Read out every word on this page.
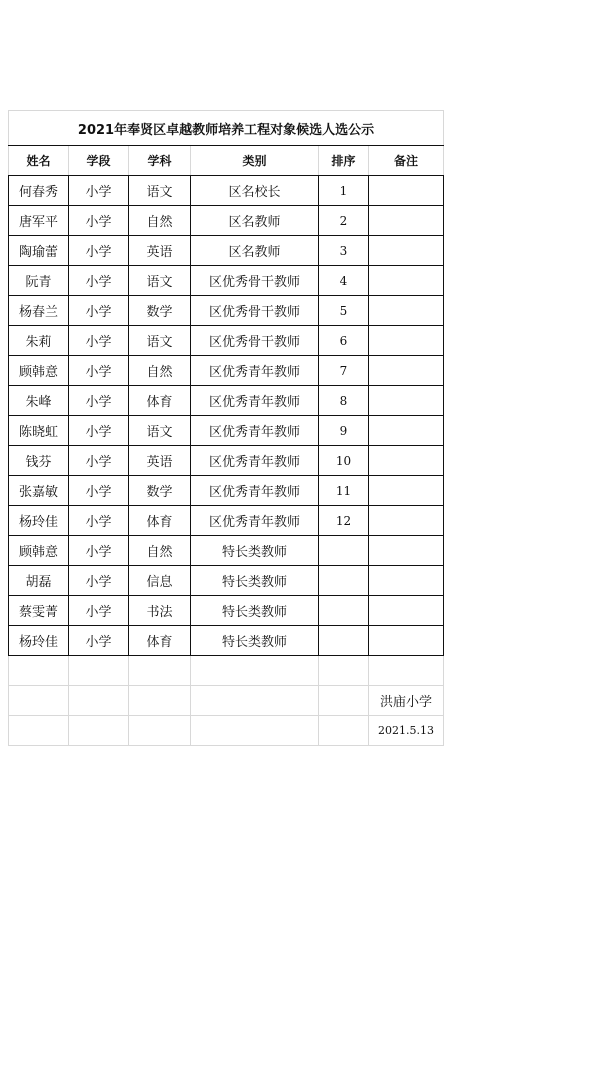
2021年奉贤区卓越教师培养工程对象候选人选公示					
姓名	学段	学科	类别	排序	备注
何春秀	小学	语文	区名校长	1	
唐军平	小学	自然	区名教师	2	
陶瑜蕾	小学	英语	区名教师	3	
阮青	小学	语文	区优秀骨干教师	4	
杨春兰	小学	数学	区优秀骨干教师	5	
朱莉	小学	语文	区优秀骨干教师	6	
顾韩意	小学	自然	区优秀青年教师	7	
朱峰	小学	体育	区优秀青年教师	8	
陈晓虹	小学	语文	区优秀青年教师	9	
钱芬	小学	英语	区优秀青年教师	10	
张嘉敏	小学	数学	区优秀青年教师	11	
杨玲佳	小学	体育	区优秀青年教师	12	
顾韩意	小学	自然	特长类教师		
胡磊	小学	信息	特长类教师		
蔡雯菁	小学	书法	特长类教师		
杨玲佳	小学	体育	特长类教师		

					洪庙小学
					2021.5.13
